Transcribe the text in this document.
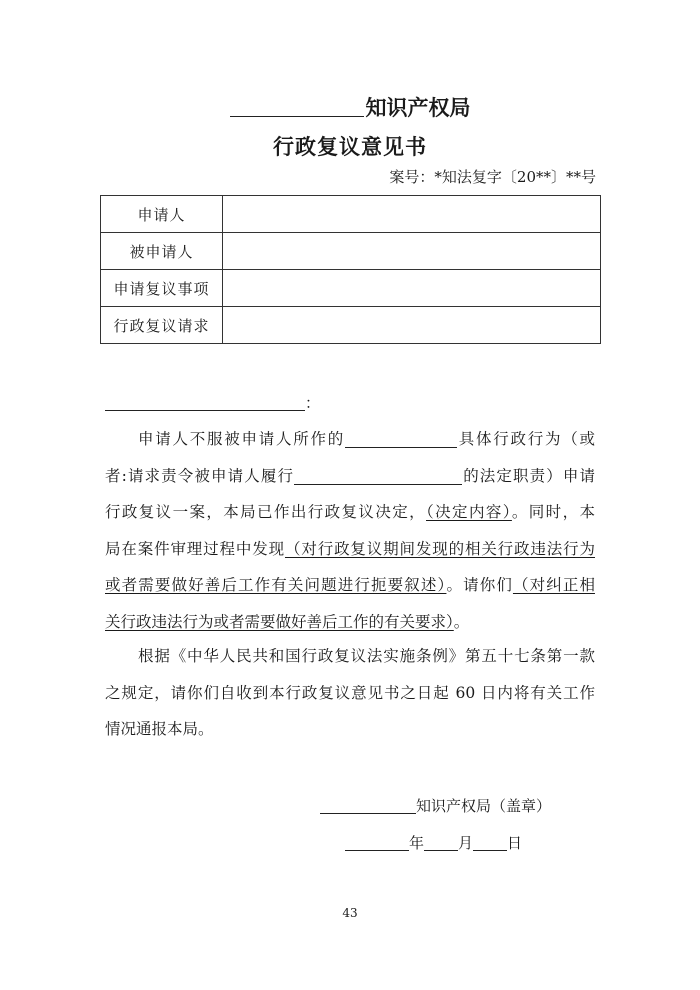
知识产权局
行政复议意见书
案号：*知法复字〔20**〕**号
申请人	
被申请人	
申请复议事项	
行政复议请求	
：
申请人不服被申请人所作的	具体行政行为（或
者:请求责令被申请人履行	的法定职责）申请
行政复议一案，本局已作出行政复议决定，（决定内容）。同时，本
局在案件审理过程中发现（对行政复议期间发现的相关行政违法行为
或者需要做好善后工作有关问题进行扼要叙述）。请你们（对纠正相
关行政违法行为或者需要做好善后工作的有关要求）。
根据《中华人民共和国行政复议法实施条例》第五十七条第一款
之规定，请你们自收到本行政复议意见书之日起 60 日内将有关工作
情况通报本局。
知识产权局（盖章）
年 月 日
43
